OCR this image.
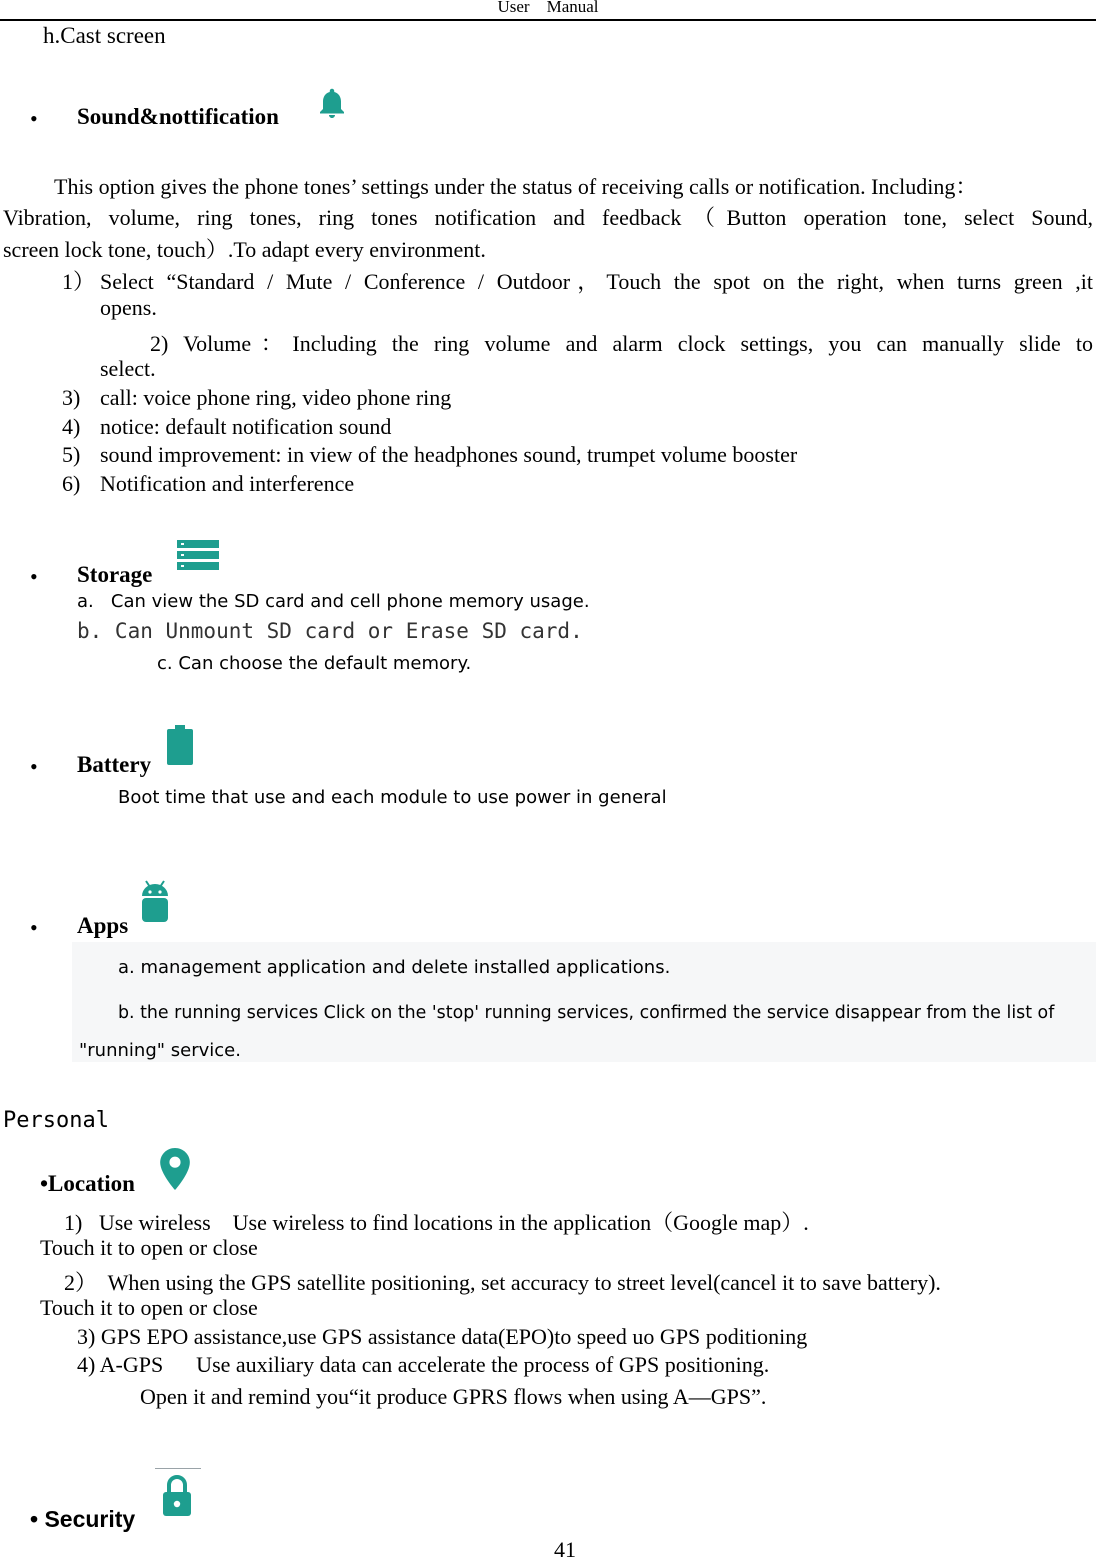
User    Manual
h.Cast screen
• Sound&nottification
This option gives the phone tones’ settings under the status of receiving calls or notification. Including：
Vibration, volume, ring tones, ring tones notification and feedback（Button operation tone, select Sound,
screen lock tone, touch）.To adapt every environment.
1） Select “Standard / Mute / Conference / Outdoor，Touch the spot on the right, when turns green ,it
opens.
2) Volume：Including the ring volume and alarm clock settings, you can manually slide to
select.
3) call: voice phone ring, video phone ring
4) notice: default notification sound
5) sound improvement: in view of the headphones sound, trumpet volume booster
6) Notification and interference
• Storage
a.   Can view the SD card and cell phone memory usage.
b. Can Unmount SD card or Erase SD card.
c. Can choose the default memory.
• Battery
Boot time that use and each module to use power in general
• Apps
a. management application and delete installed applications.
b. the running services Click on the 'stop' running services, confirmed the service disappear from the list of
"running" service.
Personal
•Location
1)   Use wireless    Use wireless to find locations in the application（Google map）.
Touch it to open or close
2）  When using the GPS satellite positioning, set accuracy to street level(cancel it to save battery).
Touch it to open or close
3) GPS EPO assistance,use GPS assistance data(EPO)to speed uo GPS poditioning
4) A-GPS      Use auxiliary data can accelerate the process of GPS positioning.
Open it and remind you“it produce GPRS flows when using A—GPS”.
• Security
41
